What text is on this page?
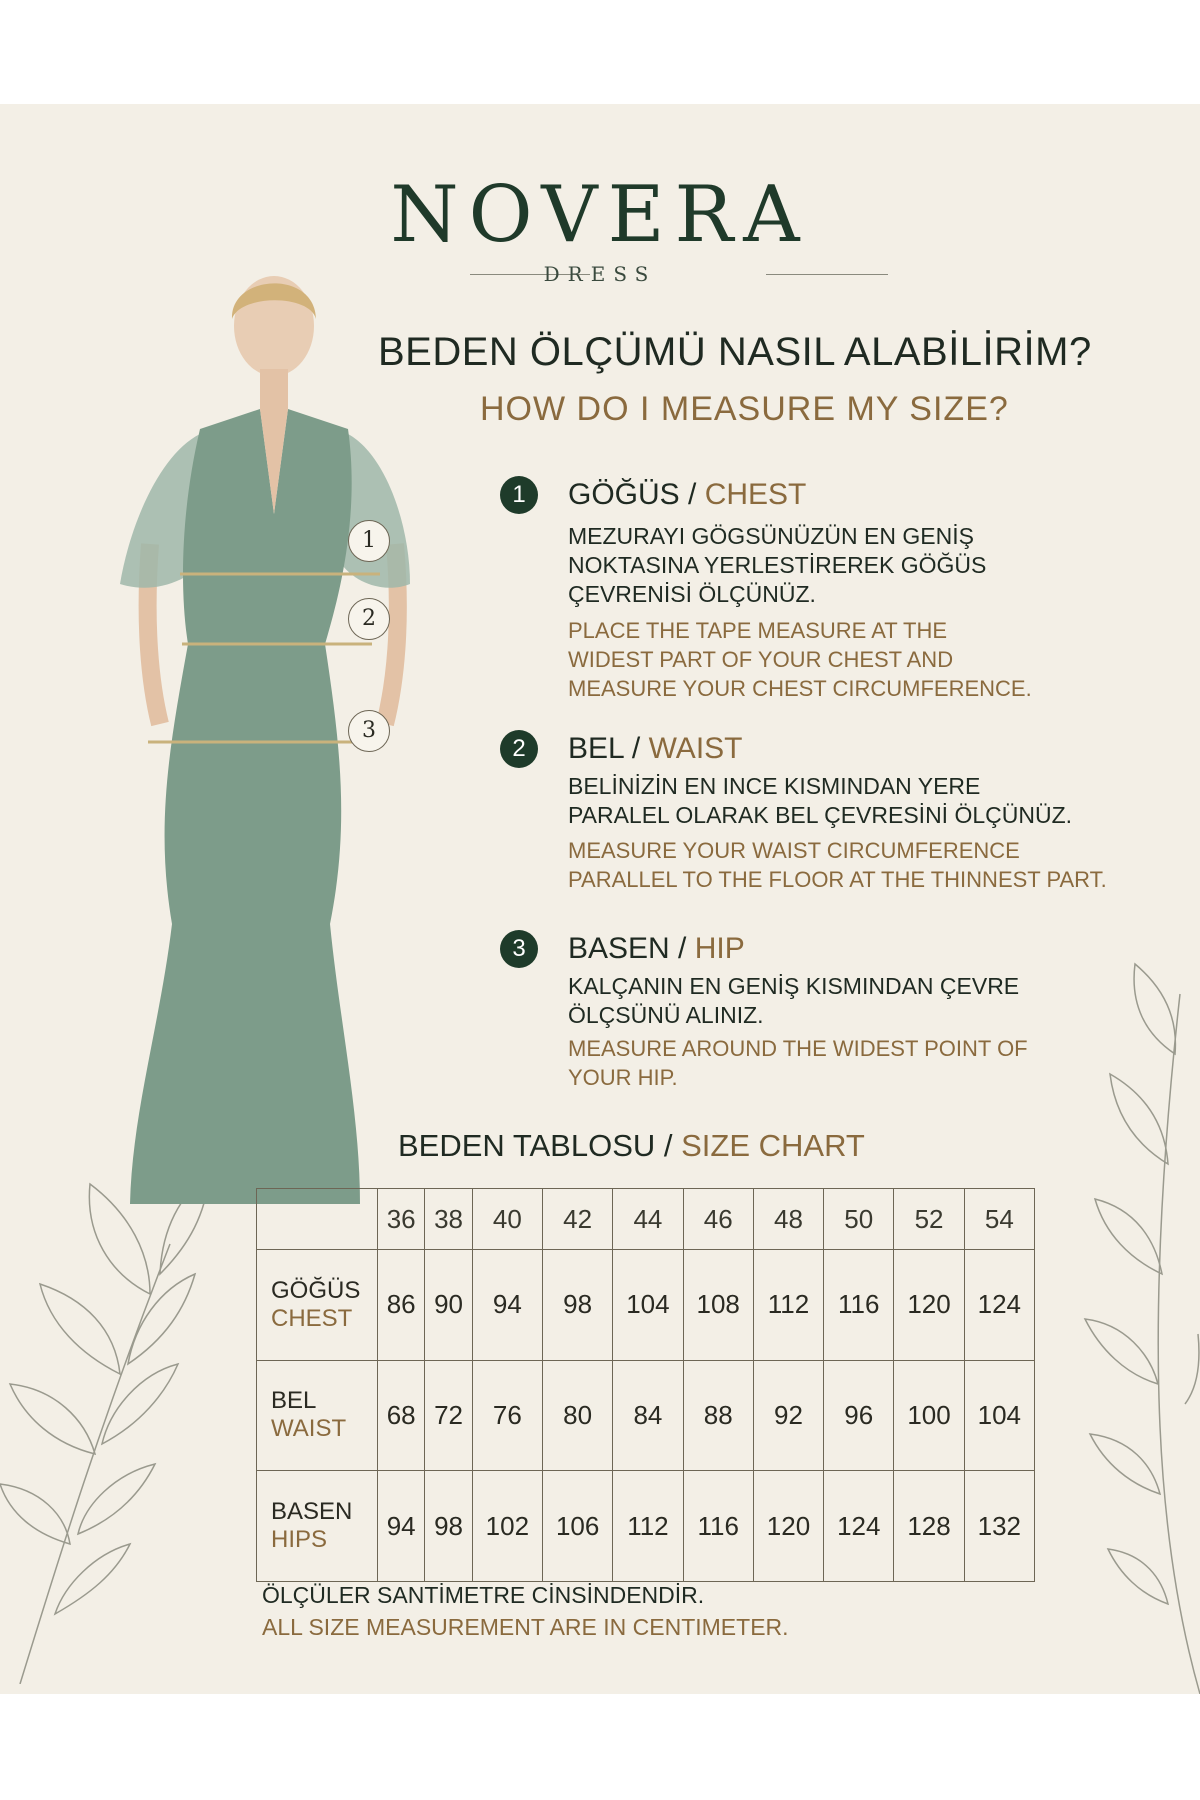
NOVERA
DRESS
1
2
3
BEDEN ÖLÇÜMÜ NASIL ALABİLİRİM?
HOW DO I MEASURE MY SIZE?
1	GÖĞÜS / CHEST
MEZURAYI GÖGSÜNÜZÜN EN GENİŞ
NOKTASINA YERLESTİREREK GÖĞÜS
ÇEVRENİSİ ÖLÇÜNÜZ.
PLACE THE TAPE MEASURE AT THE
WIDEST PART OF YOUR CHEST AND
MEASURE YOUR CHEST CIRCUMFERENCE.
2	BEL / WAIST
BELİNİZİN EN INCE KISMINDAN YERE
PARALEL OLARAK BEL ÇEVRESİNİ ÖLÇÜNÜZ.
MEASURE YOUR WAIST CIRCUMFERENCE
PARALLEL TO THE FLOOR AT THE THINNEST PART.
3	BASEN / HIP
KALÇANIN EN GENİŞ KISMINDAN ÇEVRE
ÖLÇSÜNÜ ALINIZ.
MEASURE AROUND THE WIDEST POINT OF
YOUR HIP.
BEDEN TABLOSU / SIZE CHART
	36	38	40	42	44	46	48	50	52	54

GÖĞÜS
CHEST	86	90	94	98	104	108	112	116	120	124

BEL
WAIST	68	72	76	80	84	88	92	96	100	104

BASEN
HIPS	94	98	102	106	112	116	120	124	128	132
ÖLÇÜLER SANTİMETRE CİNSİNDENDİR.
ALL SIZE MEASUREMENT ARE IN CENTIMETER.
